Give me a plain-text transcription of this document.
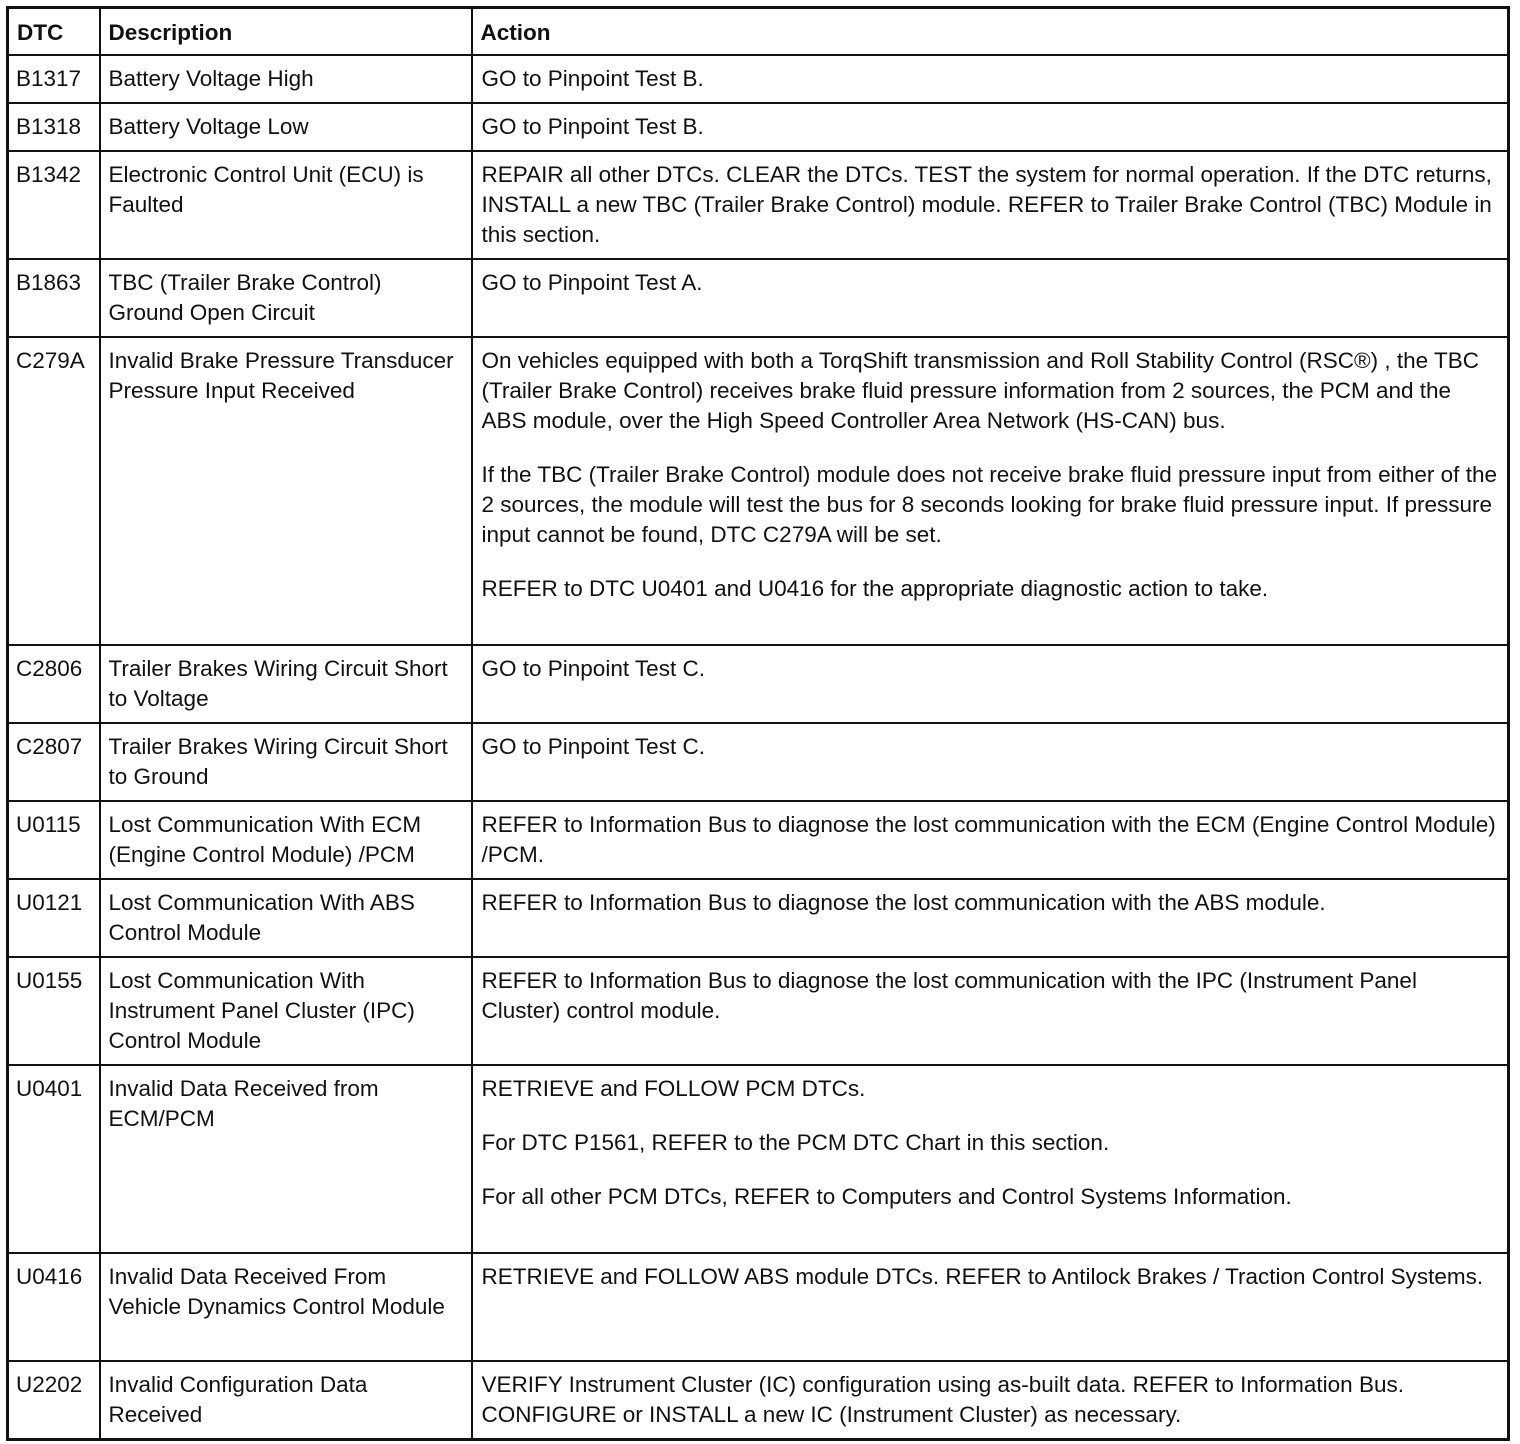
DTC	Description	Action
B1317	Battery Voltage High	GO to Pinpoint Test B.

B1318	Battery Voltage Low	GO to Pinpoint Test B.

B1342	Electronic Control Unit (ECU) is Faulted	REPAIR all other DTCs. CLEAR the DTCs. TEST the system for normal operation. If the DTC returns, INSTALL a new TBC (Trailer Brake Control) module. REFER to Trailer Brake Control (TBC) Module in this section.

B1863	TBC (Trailer Brake Control) Ground Open Circuit	GO to Pinpoint Test A.

C279A	Invalid Brake Pressure Transducer Pressure Input Received	On vehicles equipped with both a TorqShift transmission and Roll Stability Control (RSC®) , the TBC (Trailer Brake Control) receives brake fluid pressure information from 2 sources, the PCM and the ABS module, over the High Speed Controller Area Network (HS-CAN) bus.

If the TBC (Trailer Brake Control) module does not receive brake fluid pressure input from either of the 2 sources, the module will test the bus for 8 seconds looking for brake fluid pressure input. If pressure input cannot be found, DTC C279A will be set.

REFER to DTC U0401 and U0416 for the appropriate diagnostic action to take.

C2806	Trailer Brakes Wiring Circuit Short to Voltage	GO to Pinpoint Test C.

C2807	Trailer Brakes Wiring Circuit Short to Ground	GO to Pinpoint Test C.

U0115	Lost Communication With ECM (Engine Control Module) /PCM	REFER to Information Bus to diagnose the lost communication with the ECM (Engine Control Module) /PCM.

U0121	Lost Communication With ABS Control Module	REFER to Information Bus to diagnose the lost communication with the ABS module.

U0155	Lost Communication With Instrument Panel Cluster (IPC) Control Module	REFER to Information Bus to diagnose the lost communication with the IPC (Instrument Panel Cluster) control module.

U0401	Invalid Data Received from ECM/PCM	RETRIEVE and FOLLOW PCM DTCs.

For DTC P1561, REFER to the PCM DTC Chart in this section.

For all other PCM DTCs, REFER to Computers and Control Systems Information.

U0416	Invalid Data Received From Vehicle Dynamics Control Module	RETRIEVE and FOLLOW ABS module DTCs. REFER to Antilock Brakes / Traction Control Systems.

U2202	Invalid Configuration Data Received	VERIFY Instrument Cluster (IC) configuration using as-built data. REFER to Information Bus. CONFIGURE or INSTALL a new IC (Instrument Cluster) as necessary.
